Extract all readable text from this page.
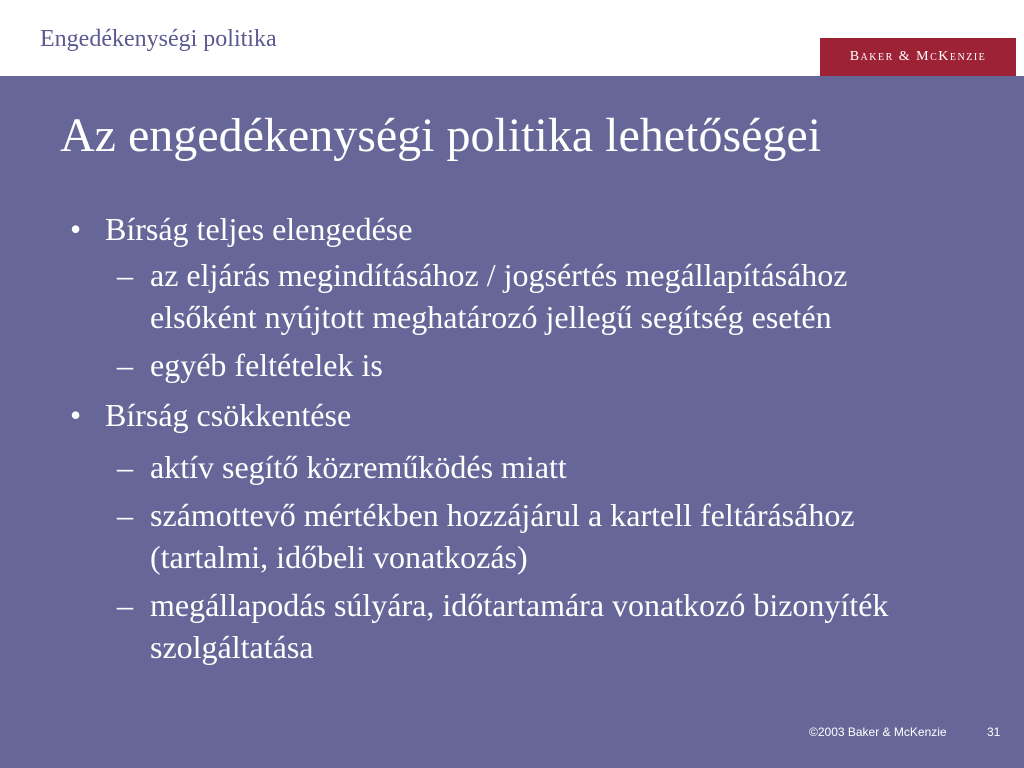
Engedékenységi politika
Baker & McKenzie
Az engedékenységi politika lehetőségei
• Bírság teljes elengedése
– az eljárás megindításához / jogsértés megállapításához elsőként nyújtott meghatározó jellegű segítség esetén
– egyéb feltételek is
• Bírság csökkentése
– aktív segítő közreműködés miatt
– számottevő mértékben hozzájárul a kartell feltárásához (tartalmi, időbeli vonatkozás)
– megállapodás súlyára, időtartamára vonatkozó bizonyíték szolgáltatása
©2003 Baker & McKenzie	31
